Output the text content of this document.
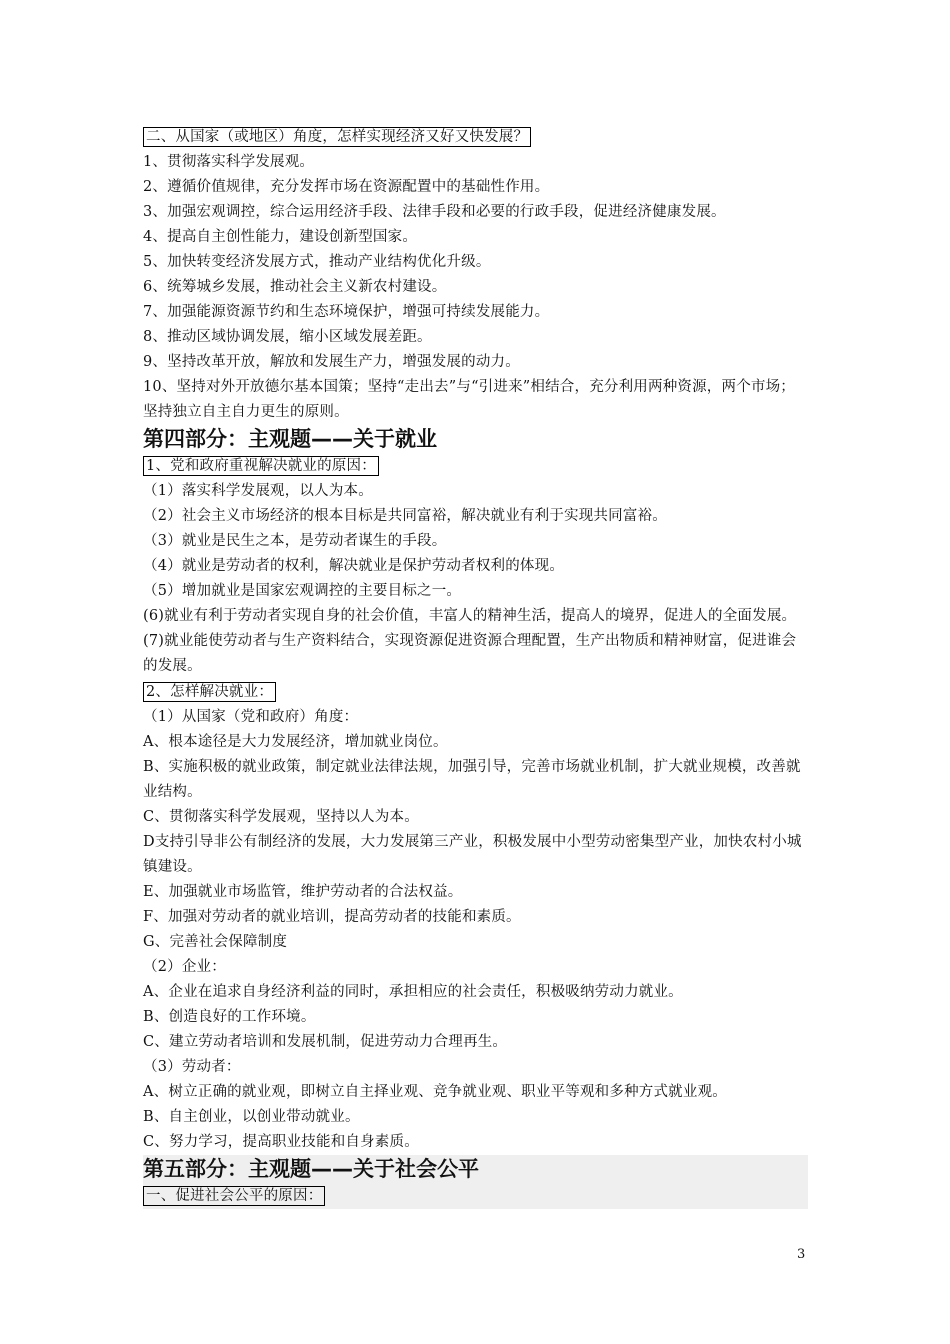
二、从国家（或地区）角度，怎样实现经济又好又快发展？
1、贯彻落实科学发展观。
2、遵循价值规律，充分发挥市场在资源配置中的基础性作用。
3、加强宏观调控，综合运用经济手段、法律手段和必要的行政手段，促进经济健康发展。
4、提高自主创性能力，建设创新型国家。
5、加快转变经济发展方式，推动产业结构优化升级。
6、统筹城乡发展，推动社会主义新农村建设。
7、加强能源资源节约和生态环境保护，增强可持续发展能力。
8、推动区域协调发展，缩小区域发展差距。
9、坚持改革开放，解放和发展生产力，增强发展的动力。
10、坚持对外开放德尔基本国策；坚持“走出去”与“引进来”相结合，充分利用两种资源，两个市场；坚持独立自主自力更生的原则。
第四部分：主观题——关于就业
1、党和政府重视解决就业的原因：
（1）落实科学发展观，以人为本。
（2）社会主义市场经济的根本目标是共同富裕，解决就业有利于实现共同富裕。
（3）就业是民生之本，是劳动者谋生的手段。
（4）就业是劳动者的权利，解决就业是保护劳动者权利的体现。
（5）增加就业是国家宏观调控的主要目标之一。
(6)就业有利于劳动者实现自身的社会价值，丰富人的精神生活，提高人的境界，促进人的全面发展。
(7)就业能使劳动者与生产资料结合，实现资源促进资源合理配置，生产出物质和精神财富，促进谁会的发展。
2、怎样解决就业：
（1）从国家（党和政府）角度：
A、根本途径是大力发展经济，增加就业岗位。
B、实施积极的就业政策，制定就业法律法规，加强引导，完善市场就业机制，扩大就业规模，改善就业结构。
C、贯彻落实科学发展观，坚持以人为本。
D支持引导非公有制经济的发展，大力发展第三产业，积极发展中小型劳动密集型产业，加快农村小城镇建设。
E、加强就业市场监管，维护劳动者的合法权益。
F、加强对劳动者的就业培训，提高劳动者的技能和素质。
G、完善社会保障制度
（2）企业：
A、企业在追求自身经济利益的同时，承担相应的社会责任，积极吸纳劳动力就业。
B、创造良好的工作环境。
C、建立劳动者培训和发展机制，促进劳动力合理再生。
（3）劳动者：
A、树立正确的就业观，即树立自主择业观、竞争就业观、职业平等观和多种方式就业观。
B、自主创业，以创业带动就业。
C、努力学习，提高职业技能和自身素质。
第五部分：主观题——关于社会公平
一、促进社会公平的原因：
3
